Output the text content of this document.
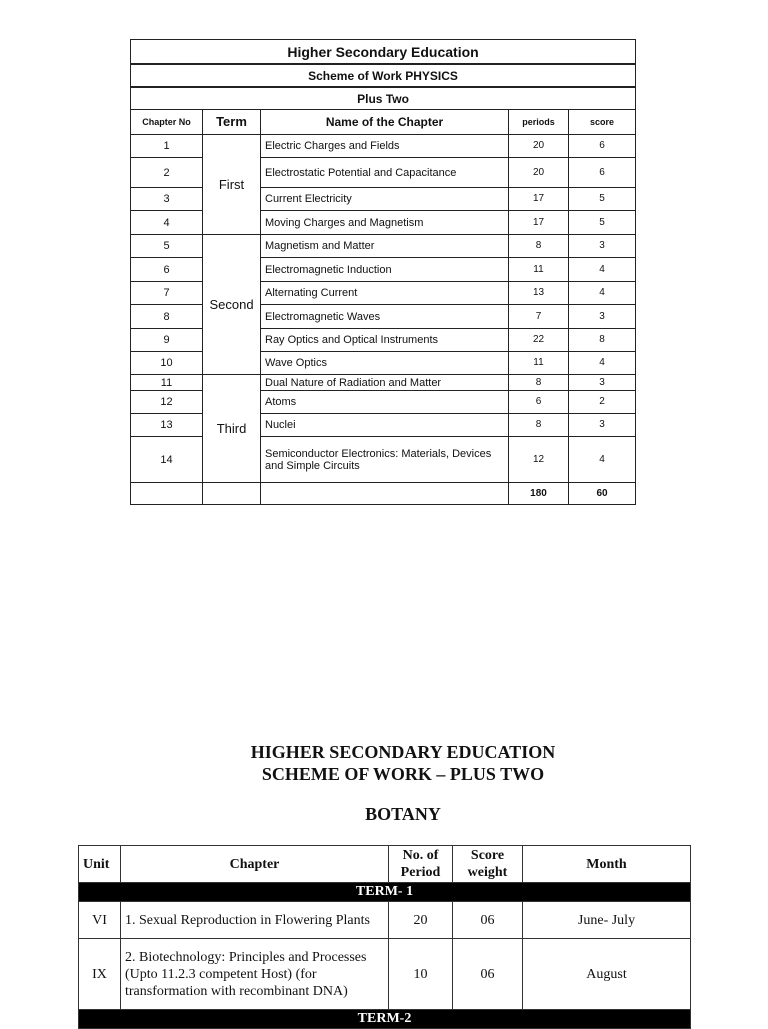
Higher Secondary Education				
Scheme of Work PHYSICS				
Plus Two				
Chapter No	Term	Name of the Chapter	periods	score
1	First	Electric Charges and Fields	20	6
2		Electrostatic Potential and Capacitance	20	6
3		Current Electricity	17	5
4		Moving Charges and Magnetism	17	5
5	Second	Magnetism and Matter	8	3
6		Electromagnetic Induction	11	4
7		Alternating Current	13	4
8		Electromagnetic Waves	7	3
9		Ray Optics and Optical Instruments	22	8
10		Wave Optics	11	4
11	Third	Dual Nature of Radiation and Matter	8	3
12		Atoms	6	2
13		Nuclei	8	3
14		Semiconductor Electronics: Materials, Devices and Simple Circuits	12	4
			180	60
HIGHER SECONDARY EDUCATION
SCHEME OF WORK – PLUS TWO
BOTANY
Unit	Chapter	No. of Period	Score weight	Month
TERM- 1				
VI	1. Sexual Reproduction in Flowering Plants	20	06	June- July
IX	2. Biotechnology: Principles and Processes (Upto 11.2.3 competent Host) (for transformation with recombinant DNA)	10	06	August
TERM-2				
